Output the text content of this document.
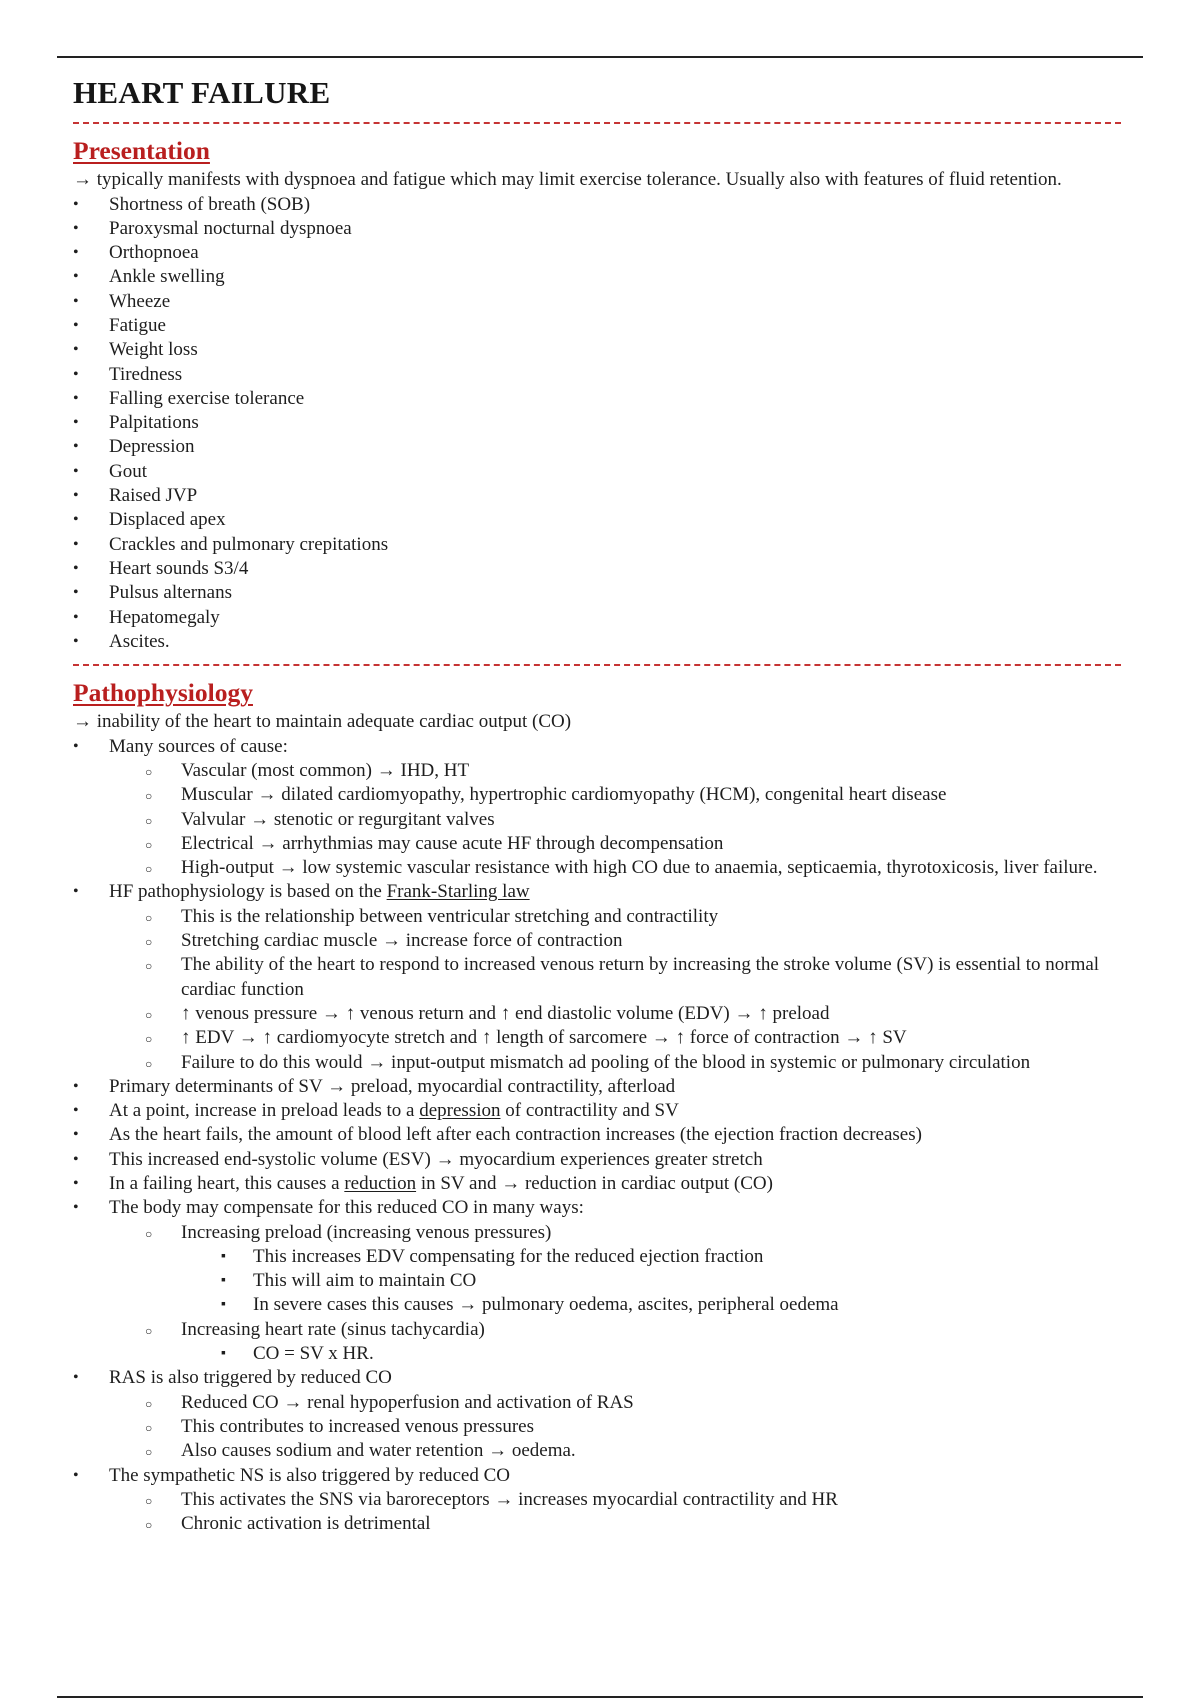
HEART FAILURE
Presentation

→ typically manifests with dyspnoea and fatigue which may limit exercise tolerance. Usually also with features of fluid retention.

• Shortness of breath (SOB)
• Paroxysmal nocturnal dyspnoea
• Orthopnoea
• Ankle swelling
• Wheeze
• Fatigue
• Weight loss
• Tiredness
• Falling exercise tolerance
• Palpitations
• Depression
• Gout
• Raised JVP
• Displaced apex
• Crackles and pulmonary crepitations
• Heart sounds S3/4
• Pulsus alternans
• Hepatomegaly
• Ascites.
Pathophysiology

→ inability of the heart to maintain adequate cardiac output (CO)

• Many sources of cause:
○ Vascular (most common) → IHD, HT
○ Muscular → dilated cardiomyopathy, hypertrophic cardiomyopathy (HCM), congenital heart disease
○ Valvular → stenotic or regurgitant valves
○ Electrical → arrhythmias may cause acute HF through decompensation
○ High-output → low systemic vascular resistance with high CO due to anaemia, septicaemia, thyrotoxicosis, liver failure.
• HF pathophysiology is based on the Frank-Starling law
○ This is the relationship between ventricular stretching and contractility
○ Stretching cardiac muscle → increase force of contraction
○ The ability of the heart to respond to increased venous return by increasing the stroke volume (SV) is essential to normal cardiac function
○ ↑ venous pressure → ↑ venous return and ↑ end diastolic volume (EDV) → ↑ preload
○ ↑ EDV → ↑ cardiomyocyte stretch and ↑ length of sarcomere → ↑ force of contraction → ↑ SV
○ Failure to do this would → input-output mismatch ad pooling of the blood in systemic or pulmonary circulation
• Primary determinants of SV → preload, myocardial contractility, afterload
• At a point, increase in preload leads to a depression of contractility and SV
• As the heart fails, the amount of blood left after each contraction increases (the ejection fraction decreases)
• This increased end-systolic volume (ESV) → myocardium experiences greater stretch
• In a failing heart, this causes a reduction in SV and → reduction in cardiac output (CO)
• The body may compensate for this reduced CO in many ways:
○ Increasing preload (increasing venous pressures)
▪ This increases EDV compensating for the reduced ejection fraction
▪ This will aim to maintain CO
▪ In severe cases this causes → pulmonary oedema, ascites, peripheral oedema
○ Increasing heart rate (sinus tachycardia)
▪ CO = SV x HR.
• RAS is also triggered by reduced CO
○ Reduced CO → renal hypoperfusion and activation of RAS
○ This contributes to increased venous pressures
○ Also causes sodium and water retention → oedema.
• The sympathetic NS is also triggered by reduced CO
○ This activates the SNS via baroreceptors → increases myocardial contractility and HR
○ Chronic activation is detrimental
